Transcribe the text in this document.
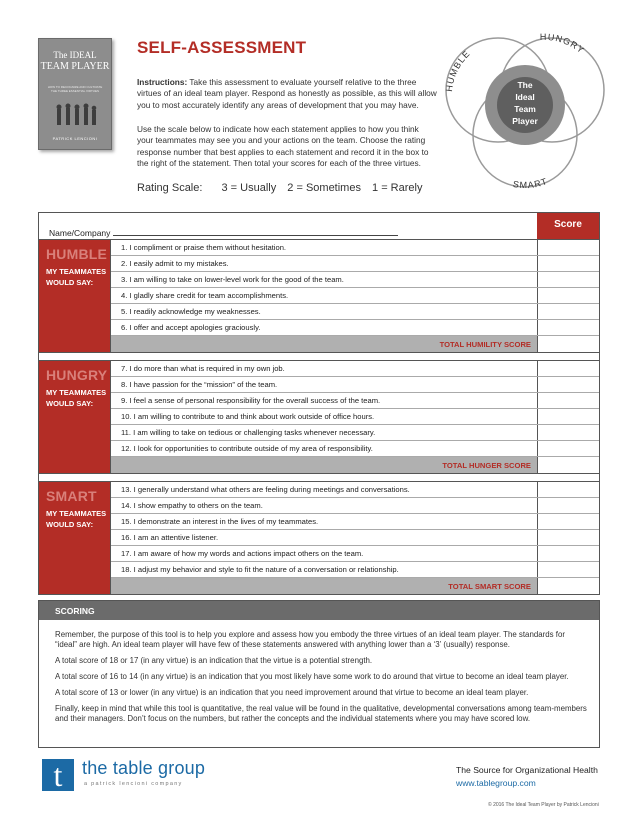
The IDEAL
TEAM PLAYER
HOW TO RECOGNIZE AND CULTIVATE THE THREE ESSENTIAL VIRTUES
PATRICK LENCIONI
SELF-ASSESSMENT
Instructions: Take this assessment to evaluate yourself relative to the three virtues of an ideal team player. Respond as honestly as possible, as this will allow you to most accurately identify any areas of development that you may have.
Use the scale below to indicate how each statement applies to how you think your teammates may see you and your actions on the team. Choose the rating response number that best applies to each statement and record it in the box to the right of the statement. Then total your scores for each of the three virtues.
Rating Scale: 3 = Usually 2 = Sometimes 1 = Rarely
HUMBLE
HUNGRY
SMART
The
Ideal
Team
Player
Name/Company
Score
HUMBLE
MY TEAMMATES WOULD SAY:
1. I compliment or praise them without hesitation.
2. I easily admit to my mistakes.
3. I am willing to take on lower-level work for the good of the team.
4. I gladly share credit for team accomplishments.
5. I readily acknowledge my weaknesses.
6. I offer and accept apologies graciously.
TOTAL HUMILITY SCORE
HUNGRY
MY TEAMMATES WOULD SAY:
7. I do more than what is required in my own job.
8. I have passion for the “mission” of the team.
9. I feel a sense of personal responsibility for the overall success of the team.
10. I am willing to contribute to and think about work outside of office hours.
11. I am willing to take on tedious or challenging tasks whenever necessary.
12. I look for opportunities to contribute outside of my area of responsibility.
TOTAL HUNGER SCORE
SMART
MY TEAMMATES WOULD SAY:
13. I generally understand what others are feeling during meetings and conversations.
14. I show empathy to others on the team.
15. I demonstrate an interest in the lives of my teammates.
16. I am an attentive listener.
17. I am aware of how my words and actions impact others on the team.
18. I adjust my behavior and style to fit the nature of a conversation or relationship.
TOTAL SMART SCORE
SCORING

Remember, the purpose of this tool is to help you explore and assess how you embody the three virtues of an ideal team player. The standards for “ideal” are high. An ideal team player will have few of these statements answered with anything lower than a ‘3’ (usually) response.

A total score of 18 or 17 (in any virtue) is an indication that the virtue is a potential strength.

A total score of 16 to 14 (in any virtue) is an indication that you most likely have some work to do around that virtue to become an ideal team player.

A total score of 13 or lower (in any virtue) is an indication that you need improvement around that virtue to become an ideal team player.

Finally, keep in mind that while this tool is quantitative, the real value will be found in the qualitative, developmental conversations among team-members and their managers. Don’t focus on the numbers, but rather the concepts and the individual statements where you may have scored low.

t the table group
a patrick lencioni company
The Source for Organizational Health
www.tablegroup.com
© 2016 The Ideal Team Player by Patrick Lencioni
